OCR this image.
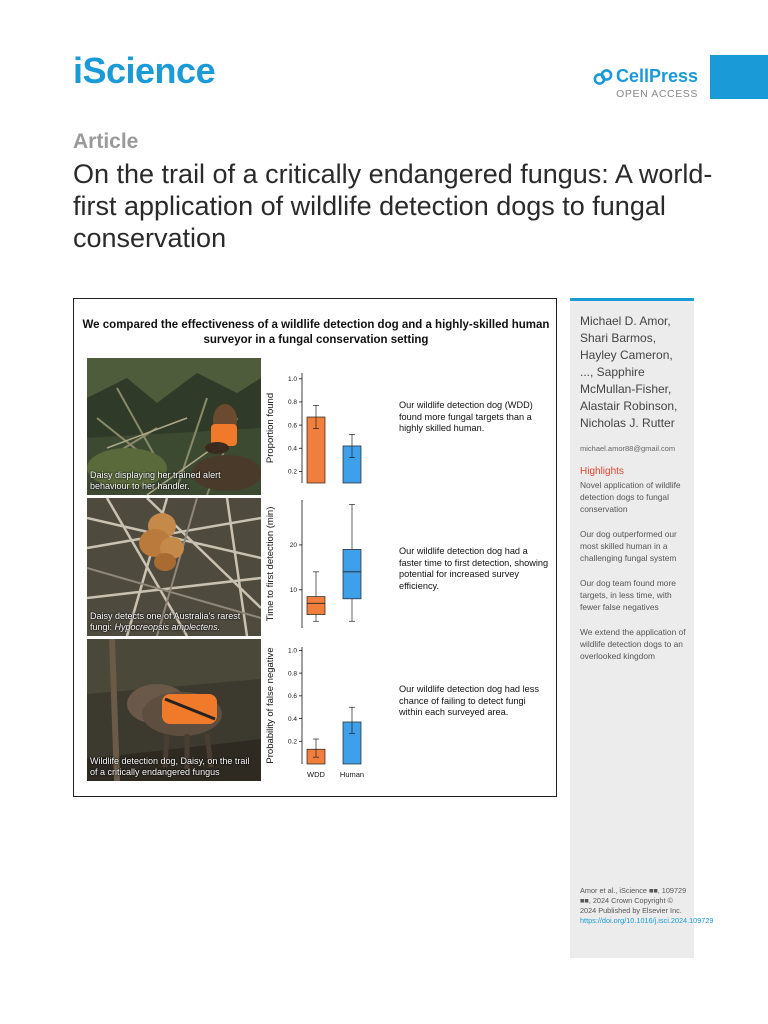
iScience	CellPress
OPEN ACCESS
Article
On the trail of a critically endangered fungus: A world-first application of wildlife detection dogs to fungal conservation
We compared the effectiveness of a wildlife detection dog and a highly-skilled human surveyor in a fungal conservation setting
Daisy displaying her trained alert behaviour to her handler.
Daisy detects one of Australia's rarest fungi: Hypocreopsis amplectens.
Wildlife detection dog, Daisy, on the trail of a critically endangered fungus
Proportion found
0.2
0.4
0.6
0.8
1.0
Time to first detection (min) 10
20
Probability of false negative 0.2
0.4
0.6
0.8
1.0
WDD Human
Our wildlife detection dog (WDD) found more fungal targets than a highly skilled human.
Our wildlife detection dog had a faster time to first detection, showing potential for increased survey efficiency.
Our wildlife detection dog had less chance of failing to detect fungi within each surveyed area.
Michael D. Amor, Shari Barmos, Hayley Cameron, ..., Sapphire McMullan-Fisher, Alastair Robinson, Nicholas J. Rutter
michael.amor88@gmail.com
Highlights
Novel application of wildlife detection dogs to fungal conservation
Our dog outperformed our most skilled human in a challenging fungal system
Our dog team found more targets, in less time, with fewer false negatives
We extend the application of wildlife detection dogs to an overlooked kingdom
Amor et al., iScience ■■, 109729
■■, 2024 Crown Copyright © 2024 Published by Elsevier Inc.
https://doi.org/10.1016/j.isci.2024.109729
